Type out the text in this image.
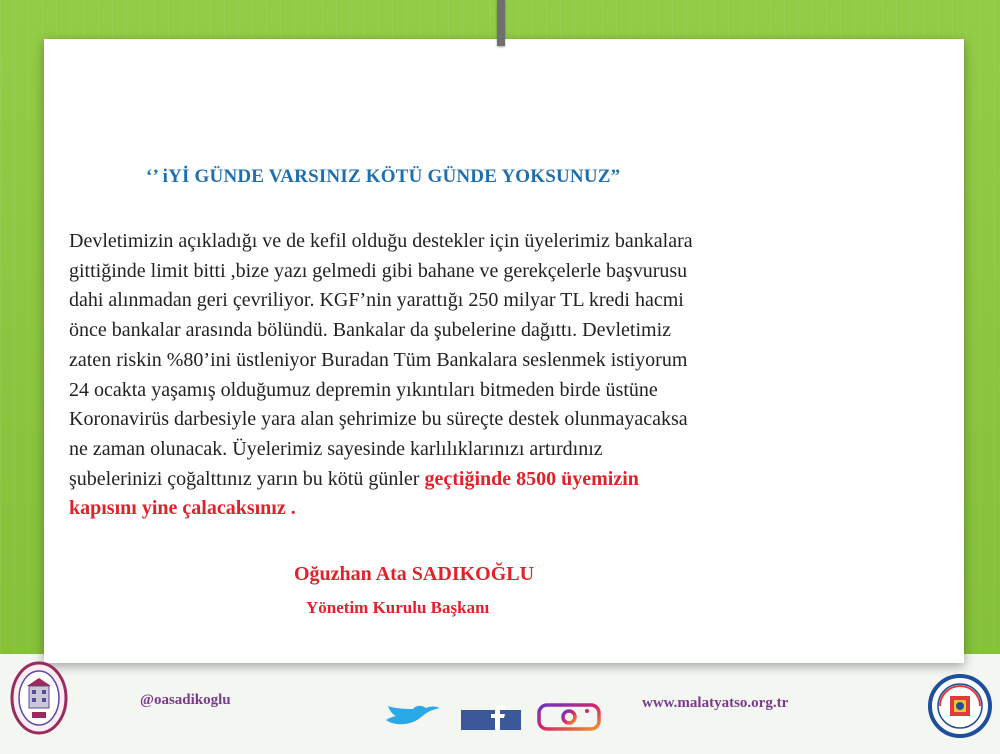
‘’ iYİ GÜNDE VARSINIZ KÖTÜ GÜNDE YOKSUNUZ”

Devletimizin açıkladığı ve de kefil olduğu destekler için üyelerimiz bankalara
gittiğinde limit bitti ,bize yazı gelmedi gibi bahane ve gerekçelerle başvurusu
dahi alınmadan geri çevriliyor. KGF’nin yarattığı 250 milyar TL kredi hacmi
önce bankalar arasında bölündü. Bankalar da şubelerine dağıttı. Devletimiz
zaten riskin %80’ini üstleniyor Buradan Tüm Bankalara seslenmek istiyorum
24 ocakta yaşamış olduğumuz depremin yıkıntıları bitmeden birde üstüne
Koronavirüs darbesiyle yara alan şehrimize bu süreçte destek olunmayacaksa
ne zaman olunacak. Üyelerimiz sayesinde karlılıklarınızı artırdınız
şubelerinizi çoğalttınız yarın bu kötü günler geçtiğinde 8500 üyemizin
kapısını yine çalacaksınız .

Oğuzhan Ata SADIKOĞLU
Yönetim Kurulu Başkanı
@oasadikoglu	www.malatyatso.org.tr
